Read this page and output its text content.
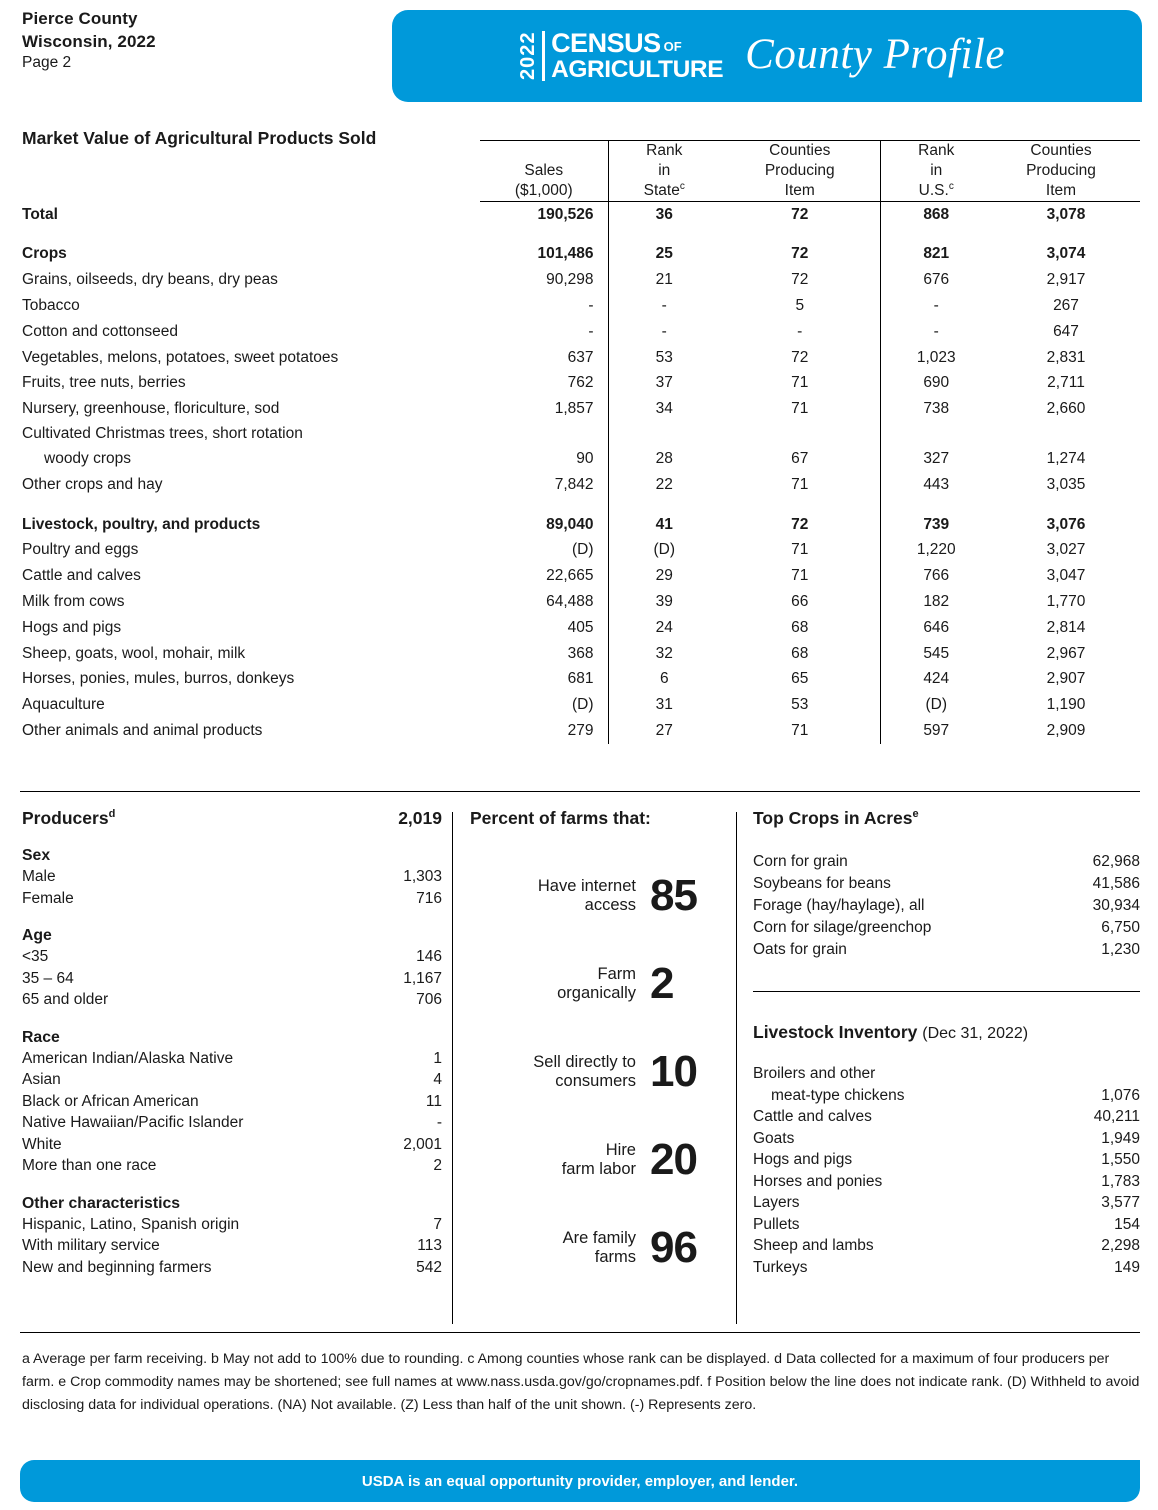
Pierce County
Wisconsin, 2022
Page 2	2022 CENSUS OF
AGRICULTURE County Profile
Market Value of Agricultural Products Sold

Sales
($1,000)

Rank
in
State$^c$

Counties
Producing
Item

Rank
in
U.S.$^c$

Counties
Producing
Item

Total	190,526	36	72	868	3,078

Crops	101,486	25	72	821	3,074
Grains, oilseeds, dry beans, dry peas	90,298	21	72	676	2,917
Tobacco	-	-	5	-	267
Cotton and cottonseed	-	-	-	-	647
Vegetables, melons, potatoes, sweet potatoes	637	53	72	1,023	2,831
Fruits, tree nuts, berries	762	37	71	690	2,711
Nursery, greenhouse, floriculture, sod	1,857	34	71	738	2,660
Cultivated Christmas trees, short rotation					
woody crops	90	28	67	327	1,274
Other crops and hay	7,842	22	71	443	3,035

Livestock, poultry, and products	89,040	41	72	739	3,076
Poultry and eggs	(D)	(D)	71	1,220	3,027
Cattle and calves	22,665	29	71	766	3,047
Milk from cows	64,488	39	66	182	1,770
Hogs and pigs	405	24	68	646	2,814
Sheep, goats, wool, mohair, milk	368	32	68	545	2,967
Horses, ponies, mules, burros, donkeys	681	6	65	424	2,907
Aquaculture	(D)	31	53	(D)	1,190
Other animals and animal products	279	27	71	597	2,909
Producers$^d$	2,019
Sex
Male	1,303
Female	716
Age
<35	146
35 – 64	1,167
65 and older	706
Race
American Indian/Alaska Native	1
Asian	4
Black or African American	11
Native Hawaiian/Pacific Islander	-
White	2,001
More than one race	2
Other characteristics
Hispanic, Latino, Spanish origin	7
With military service	113
New and beginning farmers	542
Percent of farms that:
Have internet
access 85
Farm
organically 2
Sell directly to
consumers 10
Hire
farm labor 20
Are family
farms 96
Top Crops in Acres$^e$
Corn for grain	62,968
Soybeans for beans	41,586
Forage (hay/haylage), all	30,934
Corn for silage/greenchop	6,750
Oats for grain	1,230
Livestock Inventory (Dec 31, 2022)
Broilers and other
meat-type chickens	1,076
Cattle and calves	40,211
Goats	1,949
Hogs and pigs	1,550
Horses and ponies	1,783
Layers	3,577
Pullets	154
Sheep and lambs	2,298
Turkeys	149
a Average per farm receiving. b May not add to 100% due to rounding. c Among counties whose rank can be displayed. d Data collected for a maximum of four producers per farm. e Crop commodity names may be shortened; see full names at www.nass.usda.gov/go/cropnames.pdf. f Position below the line does not indicate rank. (D) Withheld to avoid disclosing data for individual operations. (NA) Not available. (Z) Less than half of the unit shown. (-) Represents zero.
USDA is an equal opportunity provider, employer, and lender.
